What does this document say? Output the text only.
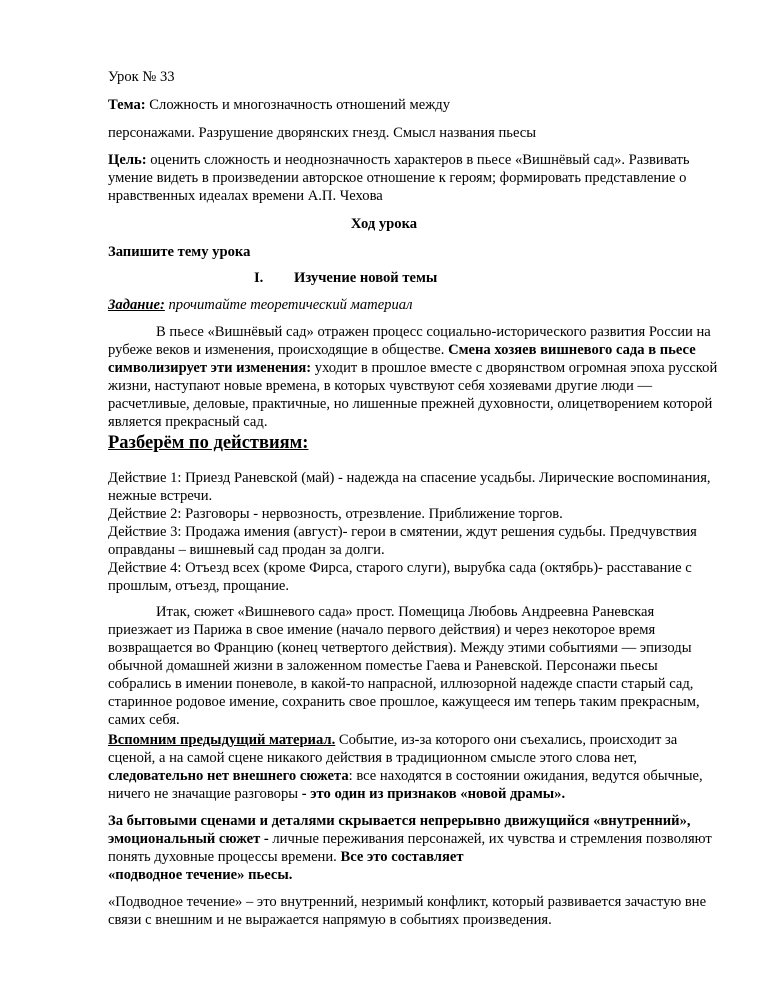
Урок № 33

Тема: Сложность и многозначность отношений между

персонажами. Разрушение дворянских гнезд. Смысл названия пьесы

Цель: оценить сложность и неоднозначность характеров в пьесе «Вишнёвый сад». Развивать умение видеть в произведении авторское отношение к героям; формировать представление о нравственных идеалах времени А.П. Чехова

Ход урока

Запишите тему урока

I. Изучение новой темы

Задание: прочитайте теоретический материал

В пьесе «Вишнёвый сад» отражен процесс социально-исторического развития России на рубеже веков и изменения, происходящие в обществе. Смена хозяев вишневого сада в пьесе символизирует эти изменения: уходит в прошлое вместе с дворянством огромная эпоха русской жизни, наступают новые времена, в которых чувствуют себя хозяевами другие люди — расчетливые, деловые, практичные, но лишенные прежней духовности, олицетворением которой является прекрасный сад.

Разберём по действиям:

Действие 1: Приезд Раневской (май) - надежда на спасение усадьбы. Лирические воспоминания, нежные встречи.
Действие 2: Разговоры - нервозность, отрезвление. Приближение торгов.
Действие 3: Продажа имения (август)- герои в смятении, ждут решения судьбы. Предчувствия оправданы – вишневый сад продан за долги.
Действие 4: Отъезд всех (кроме Фирса, старого слуги), вырубка сада (октябрь)- расставание с прошлым, отъезд, прощание.

Итак, сюжет «Вишневого сада» прост. Помещица Любовь Андреевна Раневская приезжает из Парижа в свое имение (начало первого действия) и через некоторое время возвращается во Францию (конец четвертого действия). Между этими событиями — эпизоды обычной домашней жизни в заложенном поместье Гаева и Раневской. Персонажи пьесы собрались в имении поневоле, в какой-то напрасной, иллюзорной надежде спасти старый сад, старинное родовое имение, сохранить свое прошлое, кажущееся им теперь таким прекрасным, самих себя.

Вспомним предыдущий материал. Событие, из-за которого они съехались, происходит за сценой, а на самой сцене никакого действия в традиционном смысле этого слова нет, следовательно нет внешнего сюжета: все находятся в состоянии ожидания, ведутся обычные, ничего не значащие разговоры - это один из признаков «новой драмы».

За бытовыми сценами и деталями скрывается непрерывно движущийся «внутренний», эмоциональный сюжет - личные переживания персонажей, их чувства и стремления позволяют понять духовные процессы времени. Все это составляет
«подводное течение» пьесы.

«Подводное течение» – это внутренний, незримый конфликт, который развивается зачастую вне связи с внешним и не выражается напрямую в событиях произведения.
